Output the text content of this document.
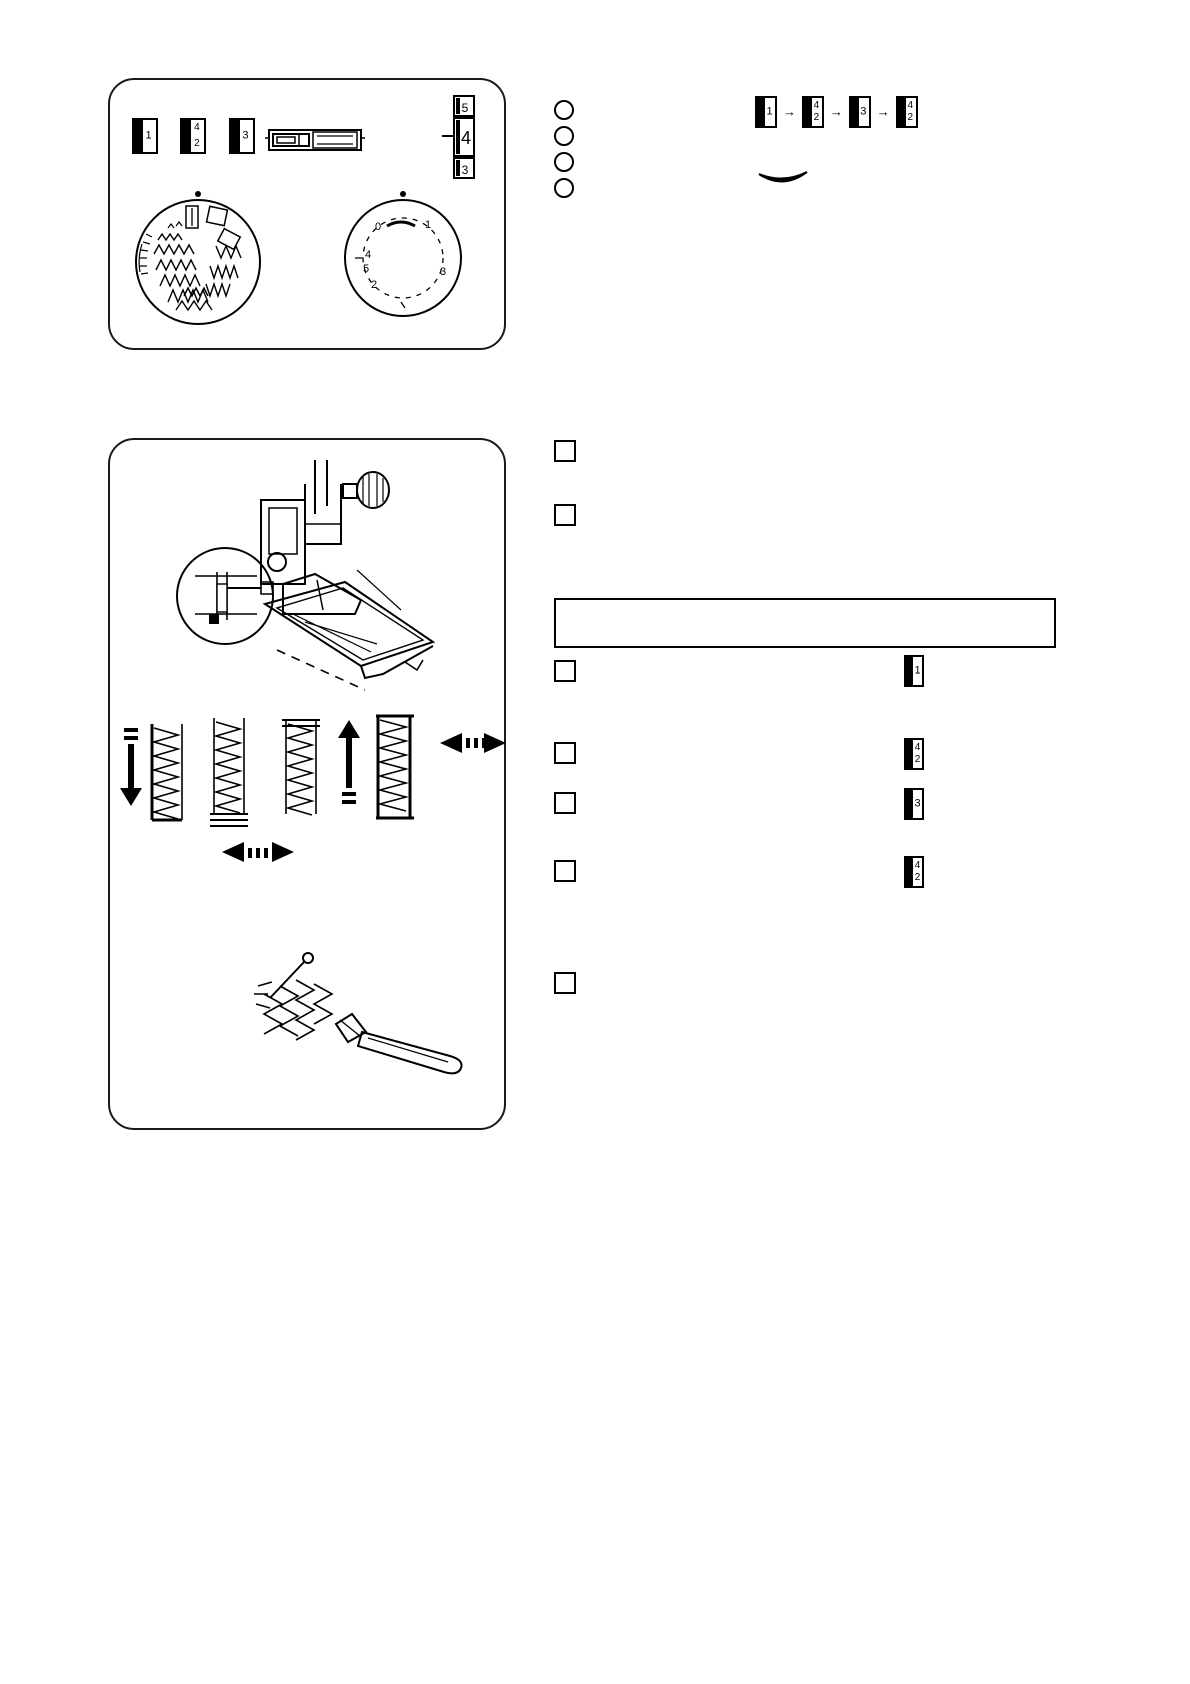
1

4
2

3
5
4
3
0	1
5
4
3
2
1 → 4
2 → 3 → 4
2
1
4
2
3
4
2
